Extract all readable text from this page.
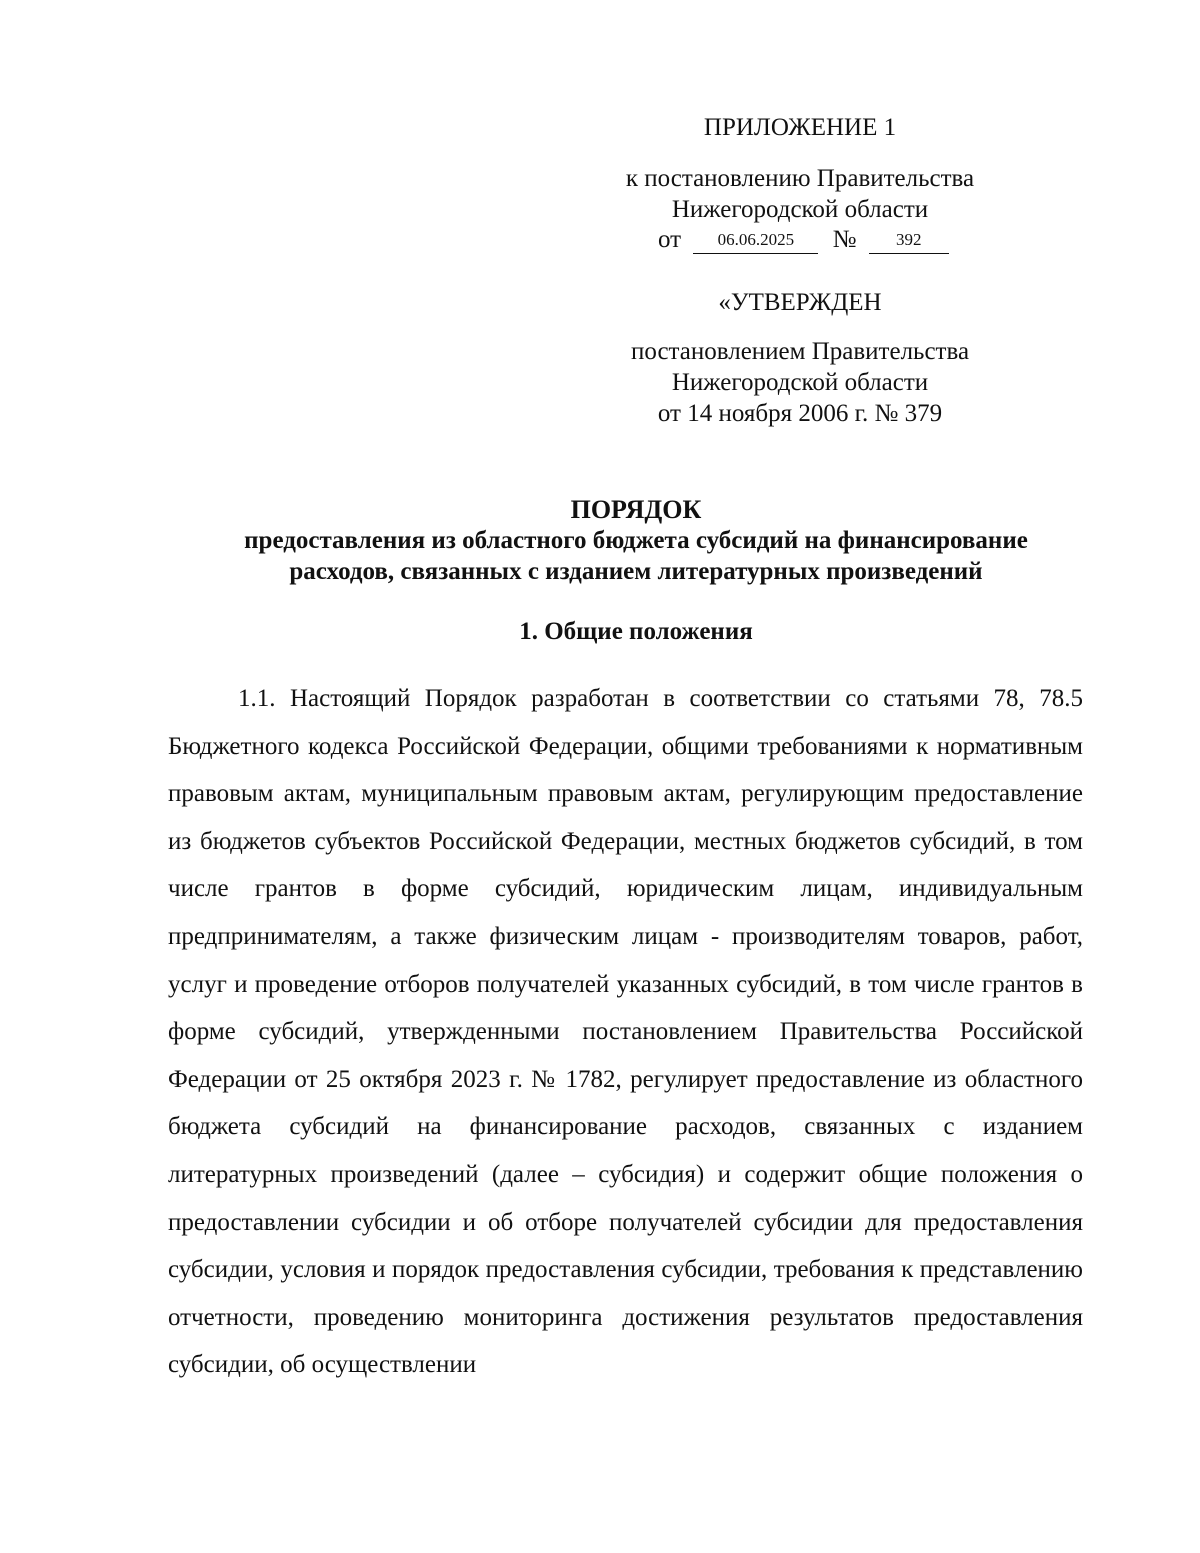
ПРИЛОЖЕНИЕ 1
к постановлению Правительства
Нижегородской области
от 06.06.2025 № 392
«УТВЕРЖДЕН
постановлением Правительства
Нижегородской области
от 14 ноября 2006 г. № 379
ПОРЯДОК
предоставления из областного бюджета субсидий на финансирование
расходов, связанных с изданием литературных произведений
1. Общие положения
1.1. Настоящий Порядок разработан в соответствии со статьями 78, 78.5 Бюджетного кодекса Российской Федерации, общими требованиями к нормативным правовым актам, муниципальным правовым актам, регулирующим предоставление из бюджетов субъектов Российской Федерации, местных бюджетов субсидий, в том числе грантов в форме субсидий, юридическим лицам, индивидуальным предпринимателям, а также физическим лицам - производителям товаров, работ, услуг и проведение отборов получателей указанных субсидий, в том числе грантов в форме субсидий, утвержденными постановлением Правительства Российской Федерации от 25 октября 2023 г. № 1782, регулирует предоставление из областного бюджета субсидий на финансирование расходов, связанных с изданием литературных произведений (далее – субсидия) и содержит общие положения о предоставлении субсидии и об отборе получателей субсидии для предоставления субсидии, условия и порядок предоставления субсидии, требования к представлению отчетности, проведению мониторинга достижения результатов предоставления субсидии, об осуществлении
